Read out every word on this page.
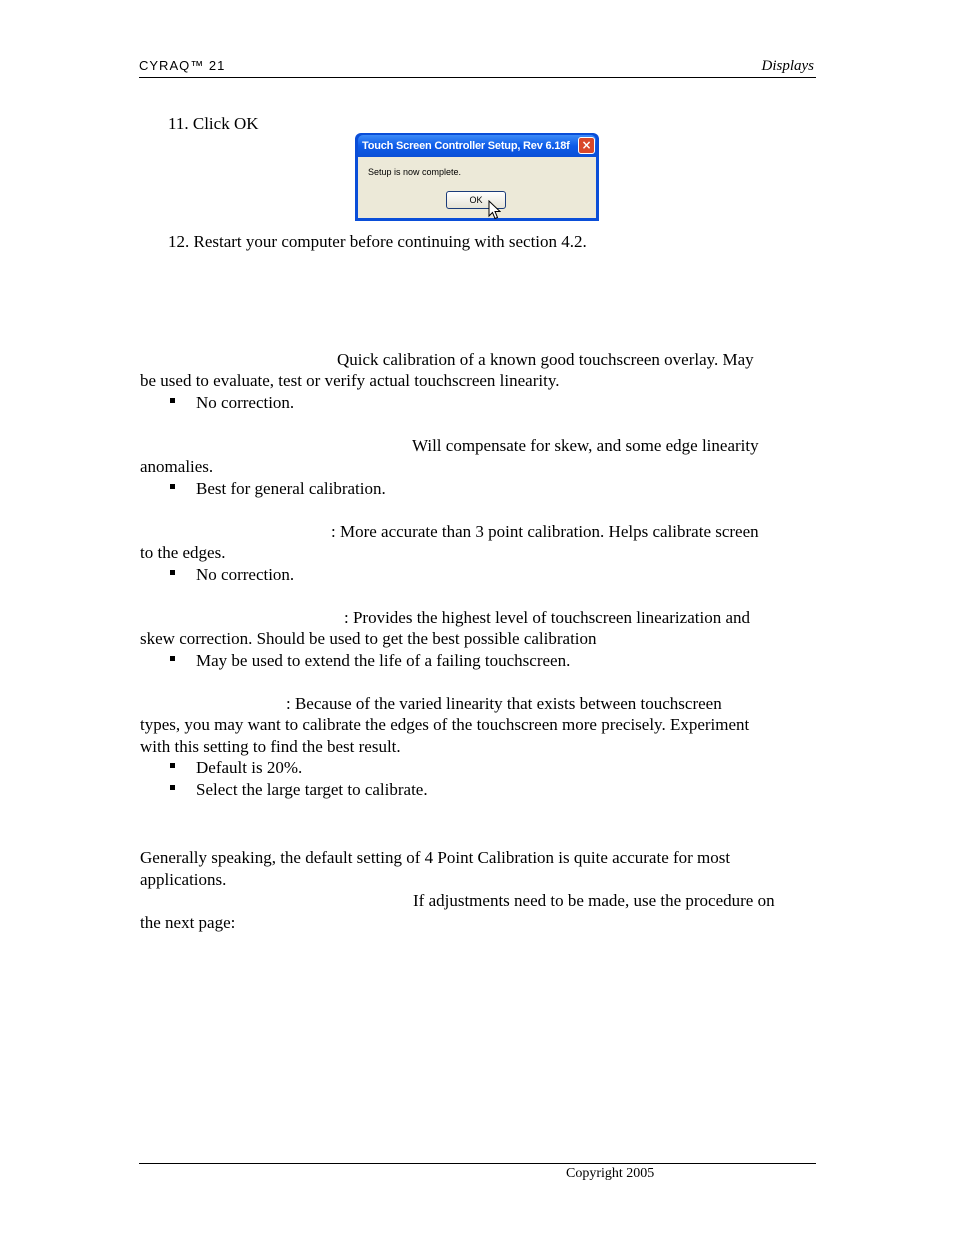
CYRAQ™ 21	Displays
11. Click OK
Touch Screen Controller Setup, Rev 6.18f ×
Setup is now complete.
OK
12. Restart your computer before continuing with section 4.2.
Quick calibration of a known good touchscreen overlay. May
be used to evaluate, test or verify actual touchscreen linearity.
No correction.
Will compensate for skew, and some edge linearity
anomalies.
Best for general calibration.
: More accurate than 3 point calibration. Helps calibrate screen
to the edges.
No correction.
: Provides the highest level of touchscreen linearization and
skew correction. Should be used to get the best possible calibration
May be used to extend the life of a failing touchscreen.
: Because of the varied linearity that exists between touchscreen
types, you may want to calibrate the edges of the touchscreen more precisely. Experiment
with this setting to find the best result.
Default is 20%.
Select the large target to calibrate.
Generally speaking, the default setting of 4 Point Calibration is quite accurate for most
applications.
If adjustments need to be made, use the procedure on
the next page:
Copyright 2005
